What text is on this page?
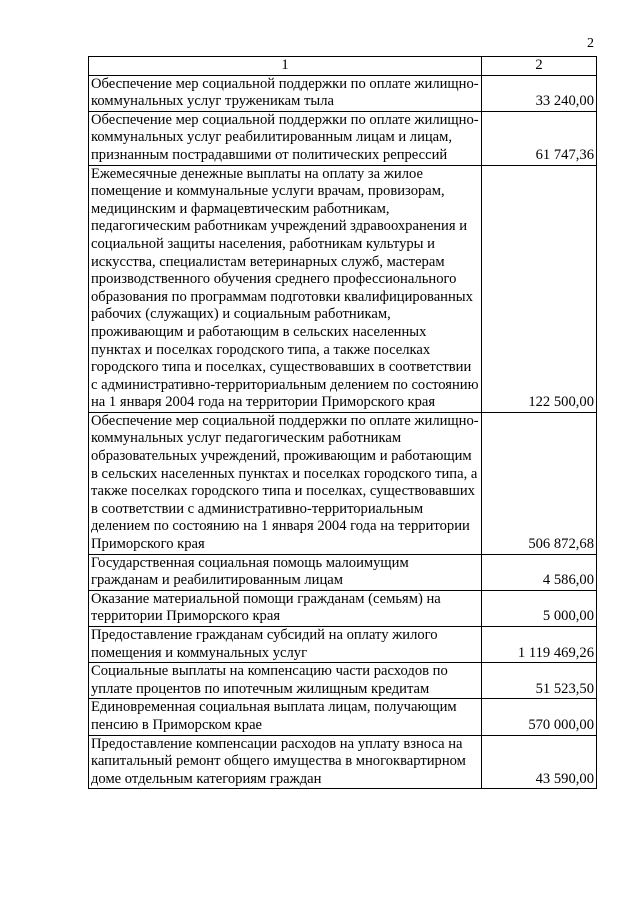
2
1	2
Обеспечение мер социальной поддержки по оплате жилищно-коммунальных услуг труженикам тыла	33 240,00
Обеспечение мер социальной поддержки по оплате жилищно-коммунальных услуг реабилитированным лицам и лицам, признанным пострадавшими от политических репрессий	61 747,36
Ежемесячные денежные выплаты на оплату за жилое помещение и коммунальные услуги врачам, провизорам, медицинским и фармацевтическим работникам, педагогическим работникам учреждений здравоохранения и социальной защиты населения, работникам культуры и искусства, специалистам ветеринарных служб, мастерам производственного обучения среднего профессионального образования по программам подготовки квалифицированных рабочих (служащих) и социальным работникам, проживающим и работающим в сельских населенных пунктах и поселках городского типа, а также поселках городского типа и поселках, существовавших в соответствии с административно-территориальным делением по состоянию на 1 января 2004 года на территории Приморского края	122 500,00
Обеспечение мер социальной поддержки по оплате жилищно-коммунальных услуг педагогическим работникам образовательных учреждений, проживающим и работающим в сельских населенных пунктах и поселках городского типа, а также поселках городского типа и поселках, существовавших в соответствии с административно-территориальным делением по состоянию на 1 января 2004 года на территории Приморского края	506 872,68
Государственная социальная помощь малоимущим гражданам и реабилитированным лицам	4 586,00
Оказание материальной помощи гражданам (семьям) на территории Приморского края	5 000,00
Предоставление гражданам субсидий на оплату жилого помещения и коммунальных услуг	1 119 469,26
Социальные выплаты на компенсацию части расходов по уплате процентов по ипотечным жилищным кредитам	51 523,50
Единовременная социальная выплата лицам, получающим пенсию в Приморском крае	570 000,00
Предоставление компенсации расходов на уплату взноса на капитальный ремонт общего имущества в многоквартирном доме отдельным категориям граждан	43 590,00
